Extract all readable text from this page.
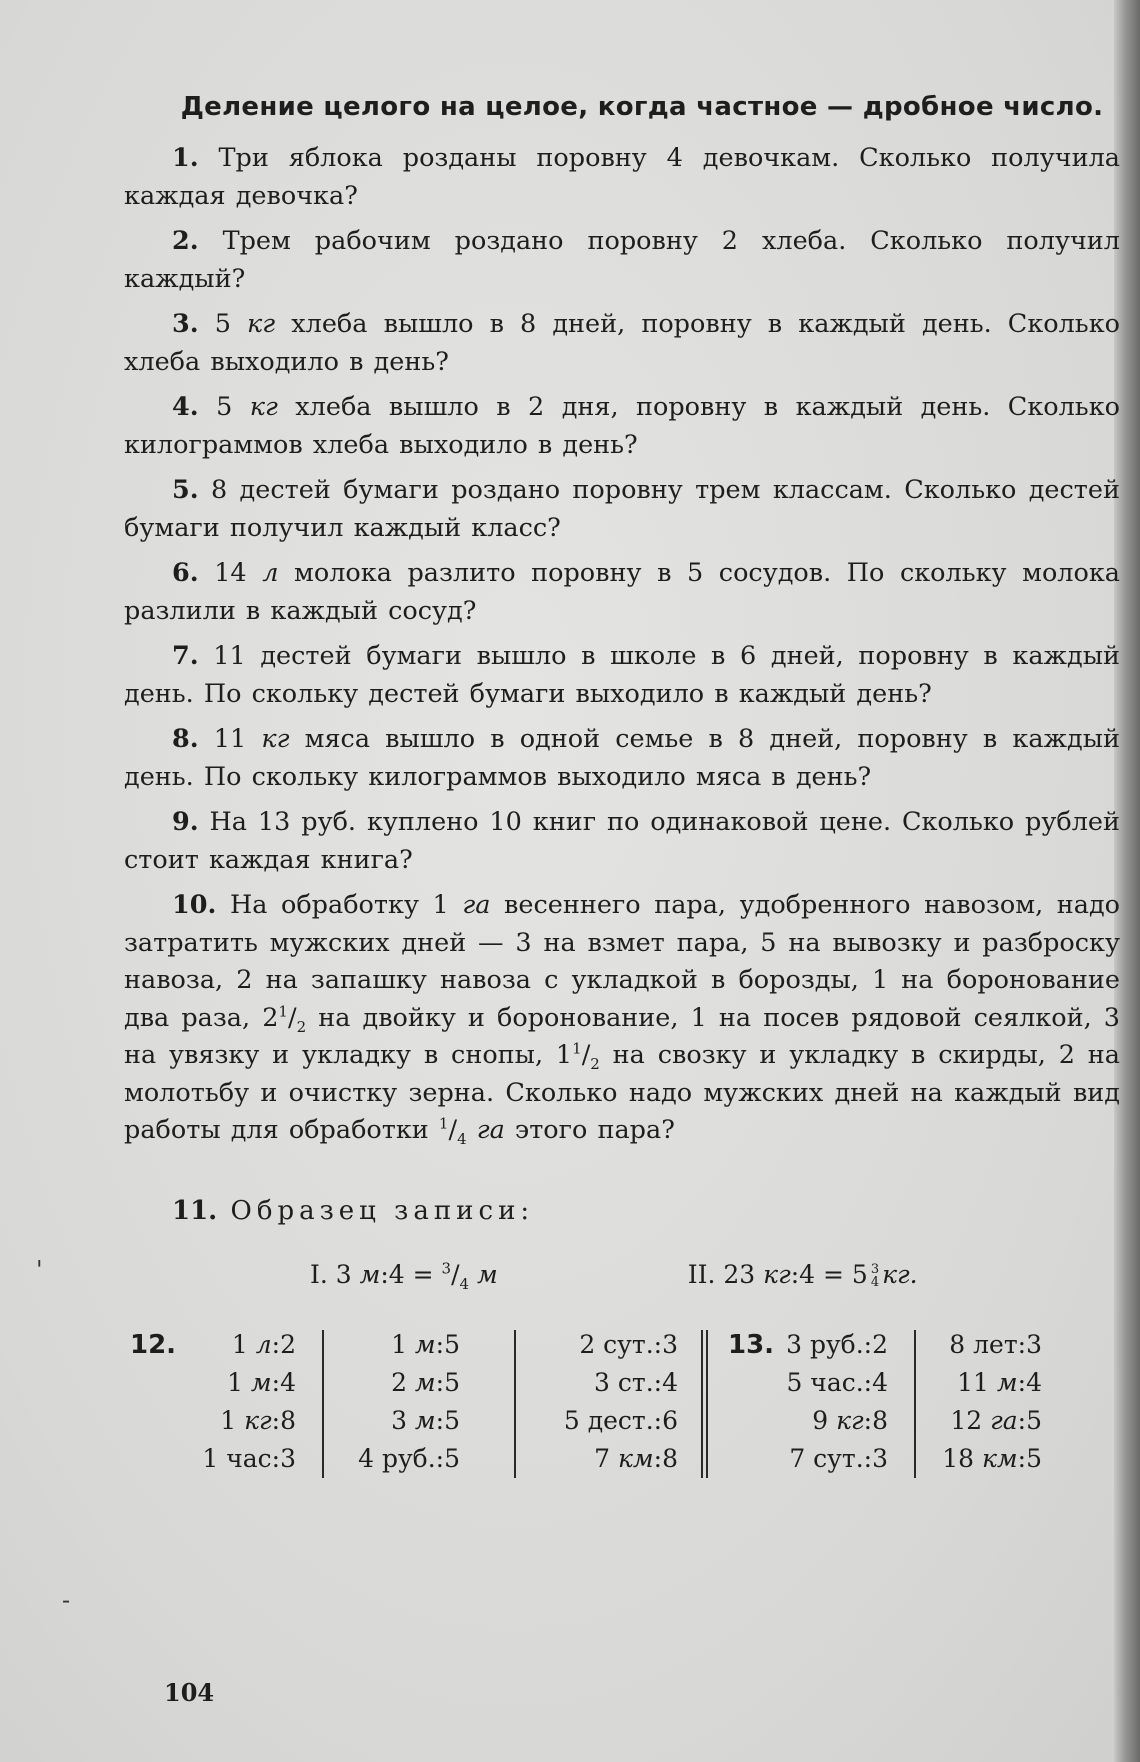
Деление целого на целое, когда частное — дробное число.

1. Три яблока розданы поровну 4 девочкам. Сколько получила каждая девочка?

2. Трем рабочим роздано поровну 2 хлеба. Сколько получил каждый?

3. 5 кг хлеба вышло в 8 дней, поровну в каждый день. Сколько хлеба выходило в день?

4. 5 кг хлеба вышло в 2 дня, поровну в каждый день. Сколько килограммов хлеба выходило в день?

5. 8 дестей бумаги роздано поровну трем классам. Сколько дестей бумаги получил каждый класс?

6. 14 л молока разлито поровну в 5 сосудов. По скольку молока разлили в каждый сосуд?

7. 11 дестей бумаги вышло в школе в 6 дней, поровну в каждый день. По скольку дестей бумаги выходило в каждый день?

8. 11 кг мяса вышло в одной семье в 8 дней, поровну в каждый день. По скольку килограммов выходило мяса в день?

9. На 13 руб. куплено 10 книг по одинаковой цене. Сколько рублей стоит каждая книга?

10. На обработку 1 га весеннего пара, удобренного навозом, надо затратить мужских дней — 3 на взмет пара, 5 на вывозку и разброску навоза, 2 на запашку навоза с укладкой в борозды, 1 на боронование два раза, $2^1/_2$ на двойку и боронование, 1 на посев рядовой сеялкой, 3 на увязку и укладку в снопы, $1^1/_2$ на свозку и укладку в скирды, 2 на молотьбу и очистку зерна. Сколько надо мужских дней на каждый вид работы для обработки $^1/_4$ га этого пара?

11. Образец записи:
I. 3 м:4 = $^3/_4$ м	II. 23 кг:4 = 5 3
4 кг.
12.	1 л:2
1 м:4
1 кг:8
1 час:3
1 м:5
2 м:5
3 м:5
4 руб.:5
2 сут.:3
3 ст.:4
5 дест.:6
7 км:8
13. 3 руб.:2
5 час.:4
9 кг:8
7 сут.:3
8 лет:3
11 м:4
12 га:5
18 км:5
104
'
‐
